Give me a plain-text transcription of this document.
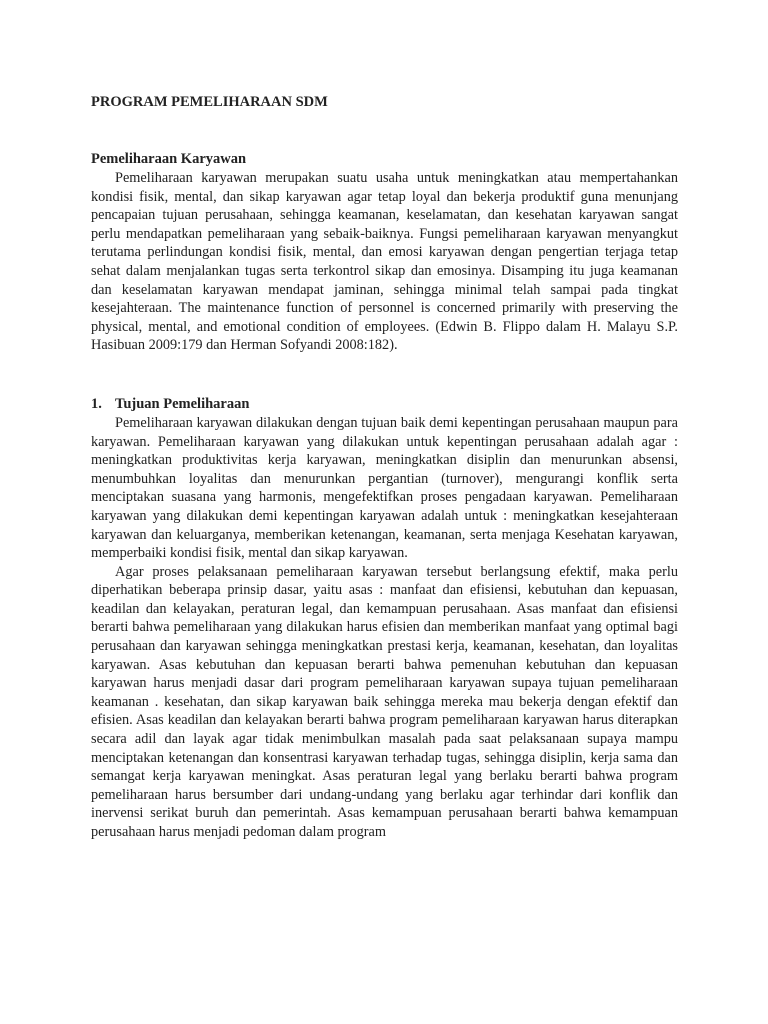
PROGRAM PEMELIHARAAN SDM
Pemeliharaan Karyawan

Pemeliharaan karyawan merupakan suatu usaha untuk meningkatkan atau mempertahankan kondisi fisik, mental, dan sikap karyawan agar tetap loyal dan bekerja produktif guna menunjang pencapaian tujuan perusahaan, sehingga keamanan, keselamatan, dan kesehatan karyawan sangat perlu mendapatkan pemeliharaan yang sebaik-baiknya. Fungsi pemeliharaan karyawan menyangkut terutama perlindungan kondisi fisik, mental, dan emosi karyawan dengan pengertian terjaga tetap sehat dalam menjalankan tugas serta terkontrol sikap dan emosinya. Disamping itu juga keamanan dan keselamatan karyawan mendapat jaminan, sehingga minimal telah sampai pada tingkat kesejahteraan. The maintenance function of personnel is concerned primarily with preserving the physical, mental, and emotional condition of employees. (Edwin B. Flippo dalam H. Malayu S.P. Hasibuan 2009:179 dan Herman Sofyandi 2008:182).

1. Tujuan Pemeliharaan

Pemeliharaan karyawan dilakukan dengan tujuan baik demi kepentingan perusahaan maupun para karyawan. Pemeliharaan karyawan yang dilakukan untuk kepentingan perusahaan adalah agar : meningkatkan produktivitas kerja karyawan, meningkatkan disiplin dan menurunkan absensi, menumbuhkan loyalitas dan menurunkan pergantian (turnover), mengurangi konflik serta menciptakan suasana yang harmonis, mengefektifkan proses pengadaan karyawan. Pemeliharaan karyawan yang dilakukan demi kepentingan karyawan adalah untuk : meningkatkan kesejahteraan karyawan dan keluarganya, memberikan ketenangan, keamanan, serta menjaga Kesehatan karyawan, memperbaiki kondisi fisik, mental dan sikap karyawan.

Agar proses pelaksanaan pemeliharaan karyawan tersebut berlangsung efektif, maka perlu diperhatikan beberapa prinsip dasar, yaitu asas : manfaat dan efisiensi, kebutuhan dan kepuasan, keadilan dan kelayakan, peraturan legal, dan kemampuan perusahaan. Asas manfaat dan efisiensi berarti bahwa pemeliharaan yang dilakukan harus efisien dan memberikan manfaat yang optimal bagi perusahaan dan karyawan sehingga meningkatkan prestasi kerja, keamanan, kesehatan, dan loyalitas karyawan. Asas kebutuhan dan kepuasan berarti bahwa pemenuhan kebutuhan dan kepuasan karyawan harus menjadi dasar dari program pemeliharaan karyawan supaya tujuan pemeliharaan keamanan . kesehatan, dan sikap karyawan baik sehingga mereka mau bekerja dengan efektif dan efisien. Asas keadilan dan kelayakan berarti bahwa program pemeliharaan karyawan harus diterapkan secara adil dan layak agar tidak menimbulkan masalah pada saat pelaksanaan supaya mampu menciptakan ketenangan dan konsentrasi karyawan terhadap tugas, sehingga disiplin, kerja sama dan semangat kerja karyawan meningkat. Asas peraturan legal yang berlaku berarti bahwa program pemeliharaan harus bersumber dari undang-undang yang berlaku agar terhindar dari konflik dan inervensi serikat buruh dan pemerintah. Asas kemampuan perusahaan berarti bahwa kemampuan perusahaan harus menjadi pedoman dalam program
